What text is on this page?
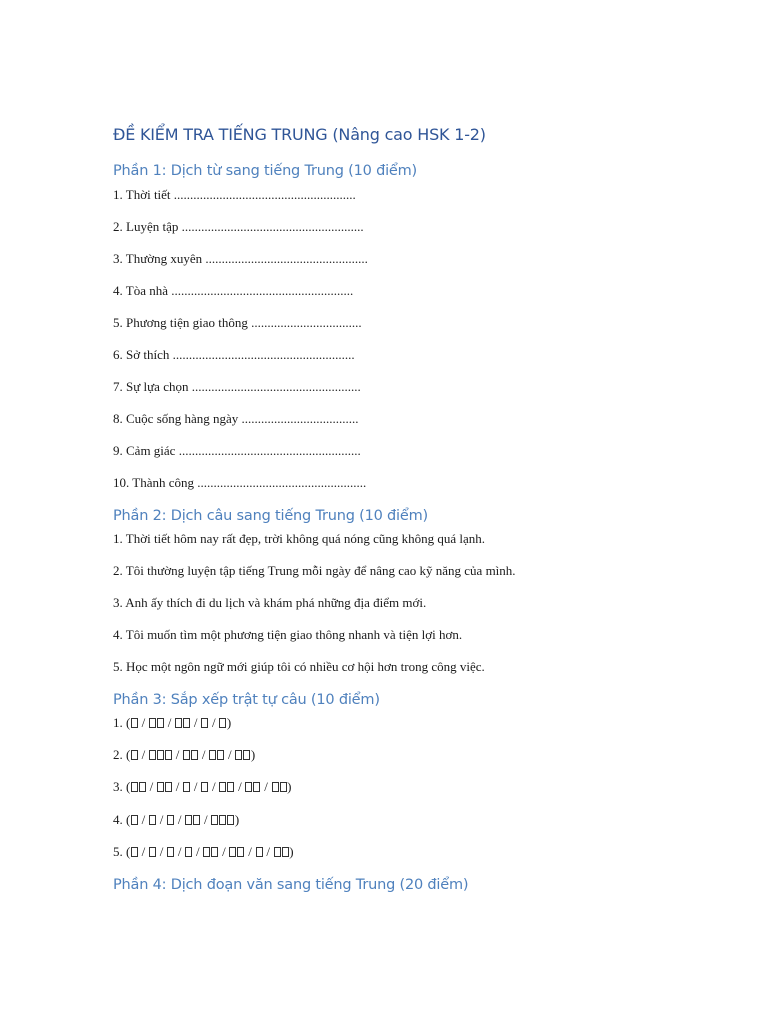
ĐỀ KIỂM TRA TIẾNG TRUNG (Nâng cao HSK 1-2)
Phần 1: Dịch từ sang tiếng Trung (10 điểm)
1. Thời tiết ........................................................
2. Luyện tập ........................................................
3. Thường xuyên ..................................................
4. Tòa nhà ........................................................
5. Phương tiện giao thông ..................................
6. Sở thích ........................................................
7. Sự lựa chọn ....................................................
8. Cuộc sống hàng ngày ....................................
9. Cảm giác ........................................................
10. Thành công ....................................................
Phần 2: Dịch câu sang tiếng Trung (10 điểm)
1. Thời tiết hôm nay rất đẹp, trời không quá nóng cũng không quá lạnh.
2. Tôi thường luyện tập tiếng Trung mỗi ngày để nâng cao kỹ năng của mình.
3. Anh ấy thích đi du lịch và khám phá những địa điểm mới.
4. Tôi muốn tìm một phương tiện giao thông nhanh và tiện lợi hơn.
5. Học một ngôn ngữ mới giúp tôi có nhiều cơ hội hơn trong công việc.
Phần 3: Sắp xếp trật tự câu (10 điểm)
1. ( /  /  /  / )
2. ( /  /  /  / )
3. ( /  /  /  /  /  / )
4. ( /  /  /  / )
5. ( /  /  /  /  /  /  / )
Phần 4: Dịch đoạn văn sang tiếng Trung (20 điểm)
